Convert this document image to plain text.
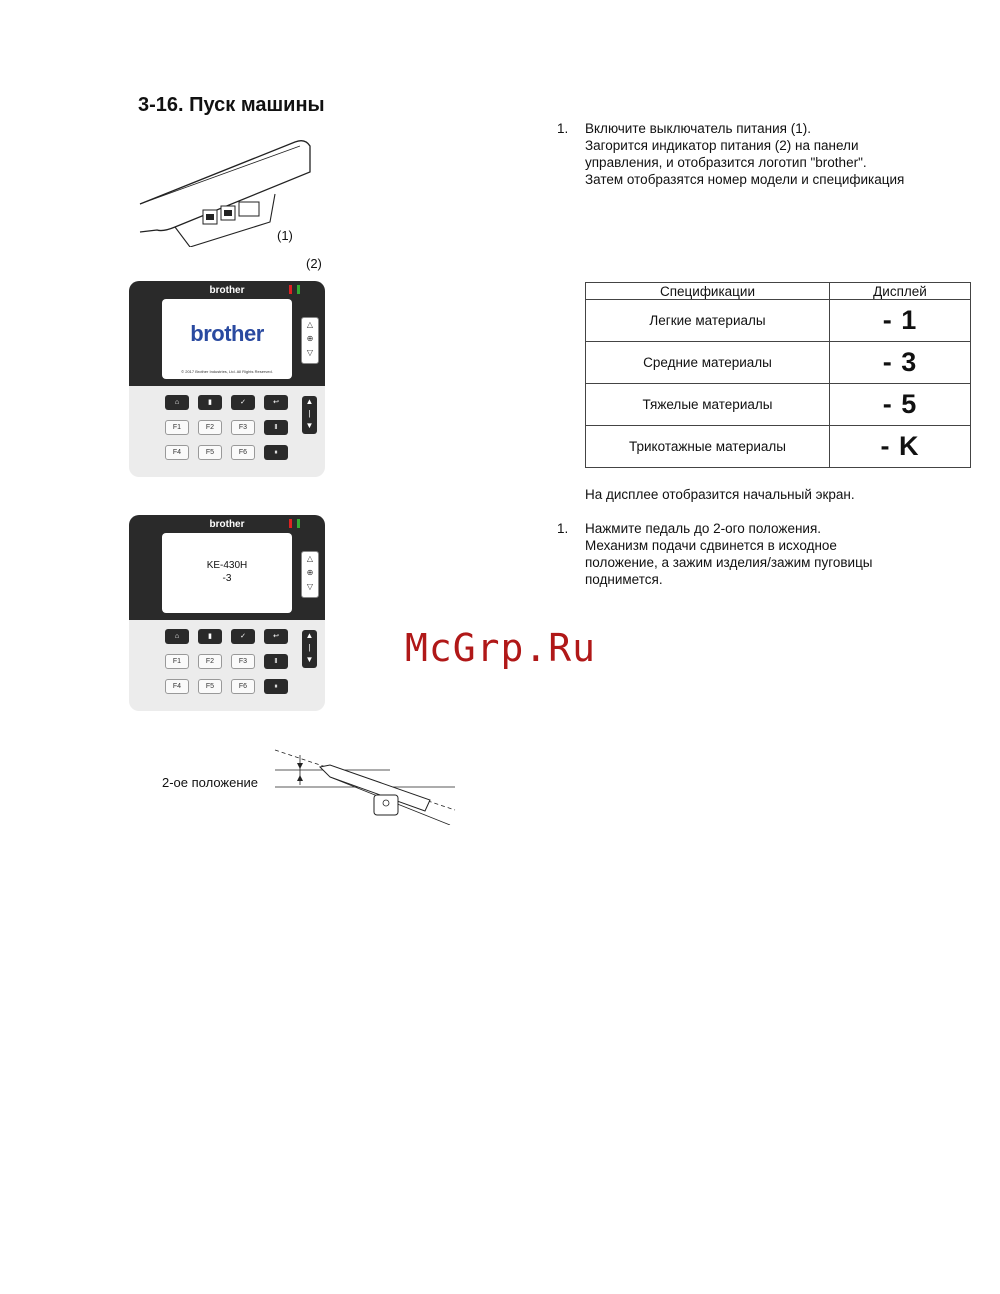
3-16. Пуск машины
(1)
(2)
brother
brother
© 2017 Brother Industries, Ltd. All Rights Reserved.
△
⊕
▽
⌂	▮	✓	↩	▲
|
▼
F1	F2	F3	Ⅱ
F4	F5	F6	⏸
brother
KE-430H
-3
△
⊕
▽
⌂	▮	✓	↩	▲
|
▼
F1	F2	F3	Ⅱ
F4	F5	F6	⏸
2-ое положение
1. Включите выключатель питания (1).
Загорится индикатор питания (2) на панели
управления, и отобразится логотип "brother".
Затем отобразятся номер модели и спецификация
Спецификации	Дисплей
Легкие материалы	- 1
Средние материалы	- 3
Тяжелые материалы	- 5
Трикотажные материалы	- K
На дисплее отобразится начальный экран.
1. Нажмите педаль до 2-ого положения.
Механизм подачи сдвинется в исходное
положение, а зажим изделия/зажим пуговицы
поднимется.
McGrp.Ru
